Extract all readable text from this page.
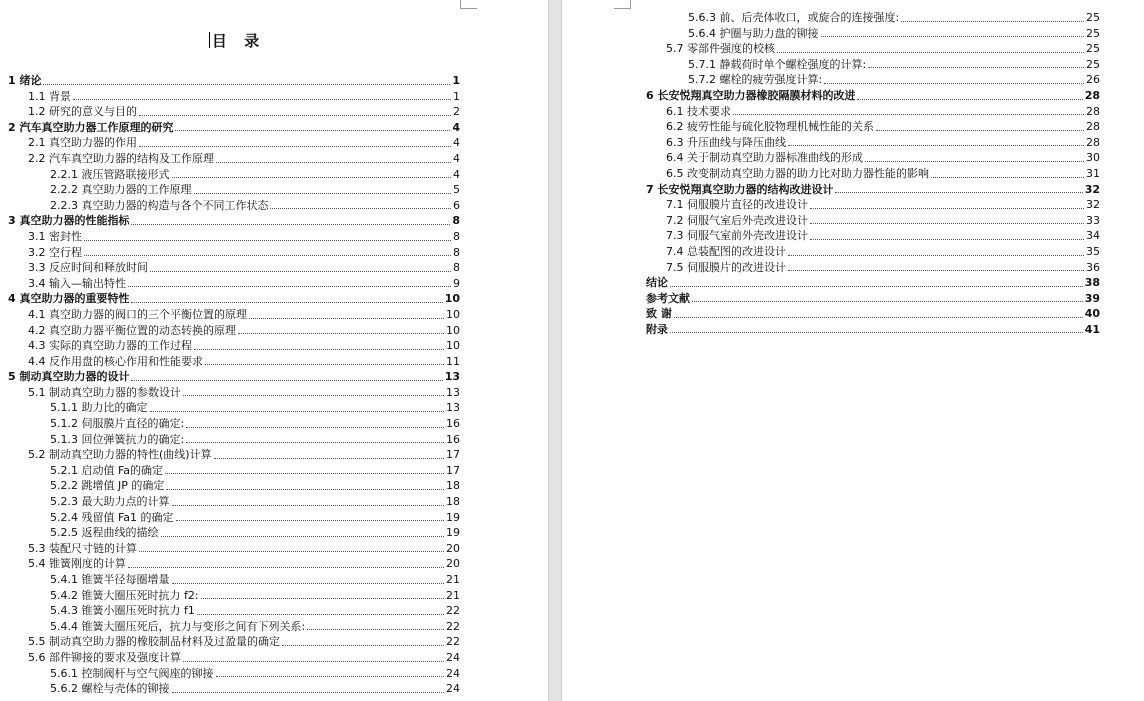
目 录
1 绪论	1
1.1 背景	1
1.2 研究的意义与目的	2
2 汽车真空助力器工作原理的研究	4
2.1 真空助力器的作用	4
2.2 汽车真空助力器的结构及工作原理	4
2.2.1 液压管路联接形式	4
2.2.2 真空助力器的工作原理	5
2.2.3 真空助力器的构造与各个不同工作状态	6
3 真空助力器的性能指标	8
3.1 密封性	8
3.2 空行程	8
3.3 反应时间和释放时间	8
3.4 输入—输出特性	9
4 真空助力器的重要特性	10
4.1 真空助力器的阀口的三个平衡位置的原理	10
4.2 真空助力器平衡位置的动态转换的原理	10
4.3 实际的真空助力器的工作过程	10
4.4 反作用盘的核心作用和性能要求	11
5 制动真空助力器的设计	13
5.1 制动真空助力器的参数设计	13
5.1.1 助力比的确定	13
5.1.2 伺服膜片直径的确定:	16
5.1.3 回位弹簧抗力的确定:	16
5.2 制动真空助力器的特性(曲线)计算	17
5.2.1 启动值 Fa的确定	17
5.2.2 跳增值 JP 的确定	18
5.2.3 最大助力点的计算	18
5.2.4 残留值 Fa1 的确定	19
5.2.5 返程曲线的描绘	19
5.3 装配尺寸链的计算	20
5.4 锥簧刚度的计算	20
5.4.1 锥簧半径每圈增量	21
5.4.2 锥簧大圈压死时抗力 f2:	21
5.4.3 锥簧小圈压死时抗力 f1	22
5.4.4 锥簧大圈压死后，抗力与变形之间有下列关系:	22
5.5 制动真空助力器的橡胶制品材料及过盈量的确定	22
5.6 部件铆接的要求及强度计算	24
5.6.1 控制阀杆与空气阀座的铆接	24
5.6.2 螺栓与壳体的铆接	24
5.6.3 前、后壳体收口，或旋合的连接强度:	25
5.6.4 护圈与助力盘的铆接	25
5.7 零部件强度的校核	25
5.7.1 静载荷时单个螺栓强度的计算:	25
5.7.2 螺栓的疲劳强度计算:	26
6 长安悦翔真空助力器橡胶隔膜材料的改进	28
6.1 技术要求	28
6.2 疲劳性能与硫化胶物理机械性能的关系	28
6.3 升压曲线与降压曲线	28
6.4 关于制动真空助力器标准曲线的形成	30
6.5 改变制动真空助力器的助力比对助力器性能的影响	31
7 长安悦翔真空助力器的结构改进设计	32
7.1 伺服膜片直径的改进设计	32
7.2 伺服气室后外壳改进设计	33
7.3 伺服气室前外壳改进设计	34
7.4 总装配图的改进设计	35
7.5 伺服膜片的改进设计	36
结论	38
参考文献	39
致 谢	40
附录	41
